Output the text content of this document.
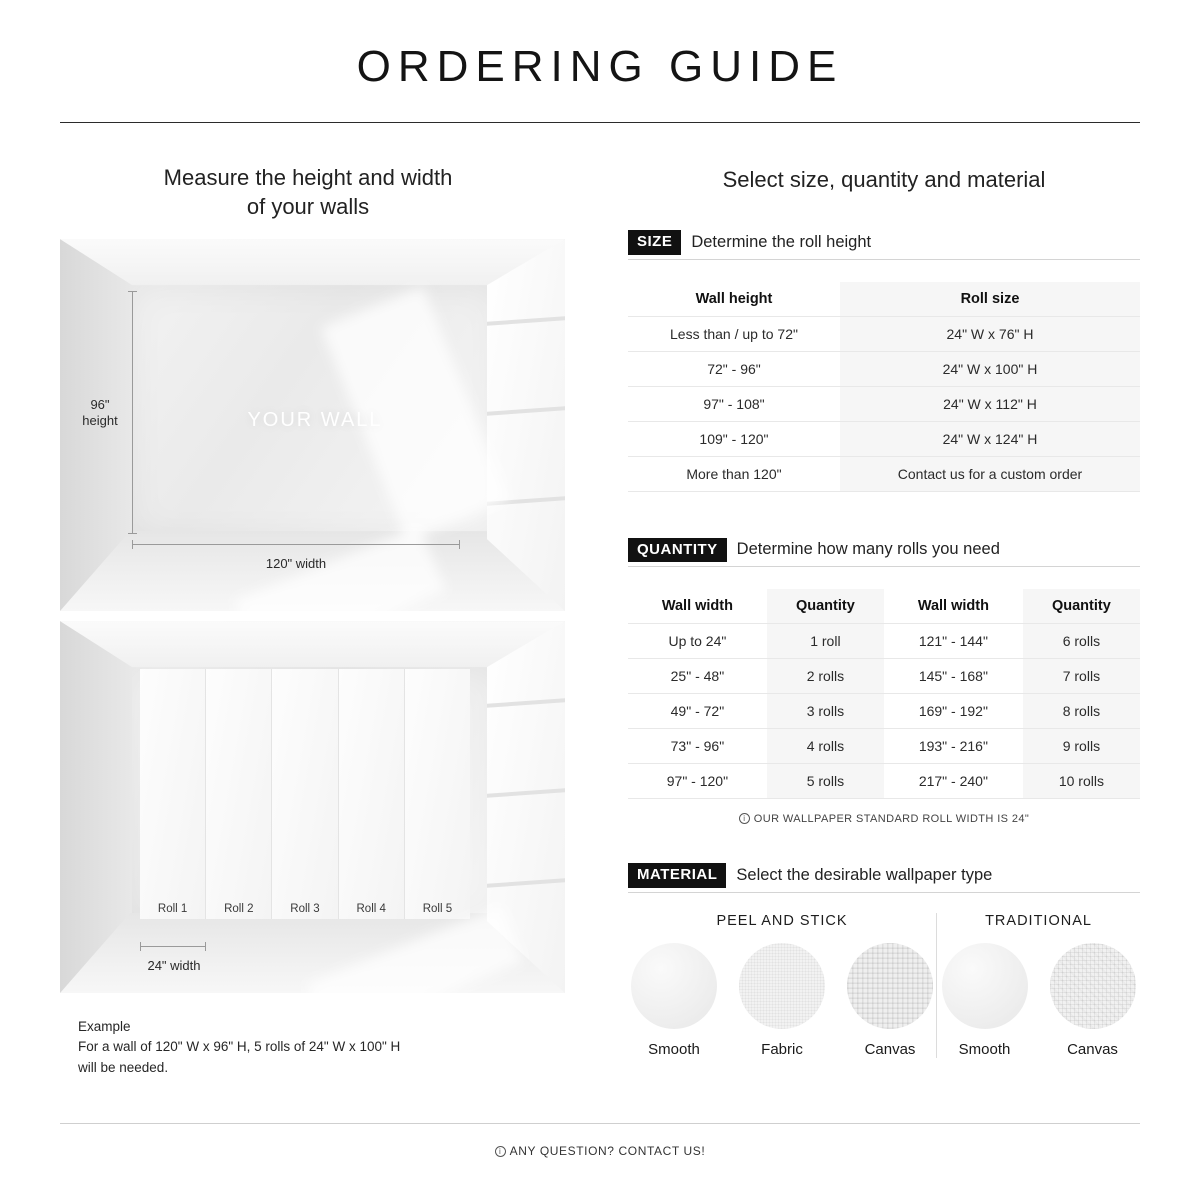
ORDERING GUIDE
Measure the height and width
of your walls
YOUR WALL
96"
height
120" width
Roll 1	Roll 2	Roll 3	Roll 4	Roll 5
24" width
Example
For a wall of 120" W x 96" H, 5 rolls of 24" W x 100" H
will be needed.
Select size, quantity and material
SIZE	Determine the roll height
Wall height	Roll size
Less than / up to 72"	24" W x 76" H
72" - 96"	24" W x 100" H
97" - 108"	24" W x 112" H
109" - 120"	24" W x 124" H
More than 120"	Contact us for a custom order
QUANTITY	Determine how many rolls you need
Wall width	Quantity	Wall width	Quantity
Up to 24"	1 roll	121" - 144"	6 rolls
25" - 48"	2 rolls	145" - 168"	7 rolls
49" - 72"	3 rolls	169" - 192"	8 rolls
73" - 96"	4 rolls	193" - 216"	9 rolls
97" - 120"	5 rolls	217" - 240"	10 rolls
i OUR WALLPAPER STANDARD ROLL WIDTH IS 24"
MATERIAL	Select the desirable wallpaper type
PEEL AND STICK
Smooth	Fabric	Canvas
TRADITIONAL
Smooth	Canvas
i ANY QUESTION? CONTACT US!
